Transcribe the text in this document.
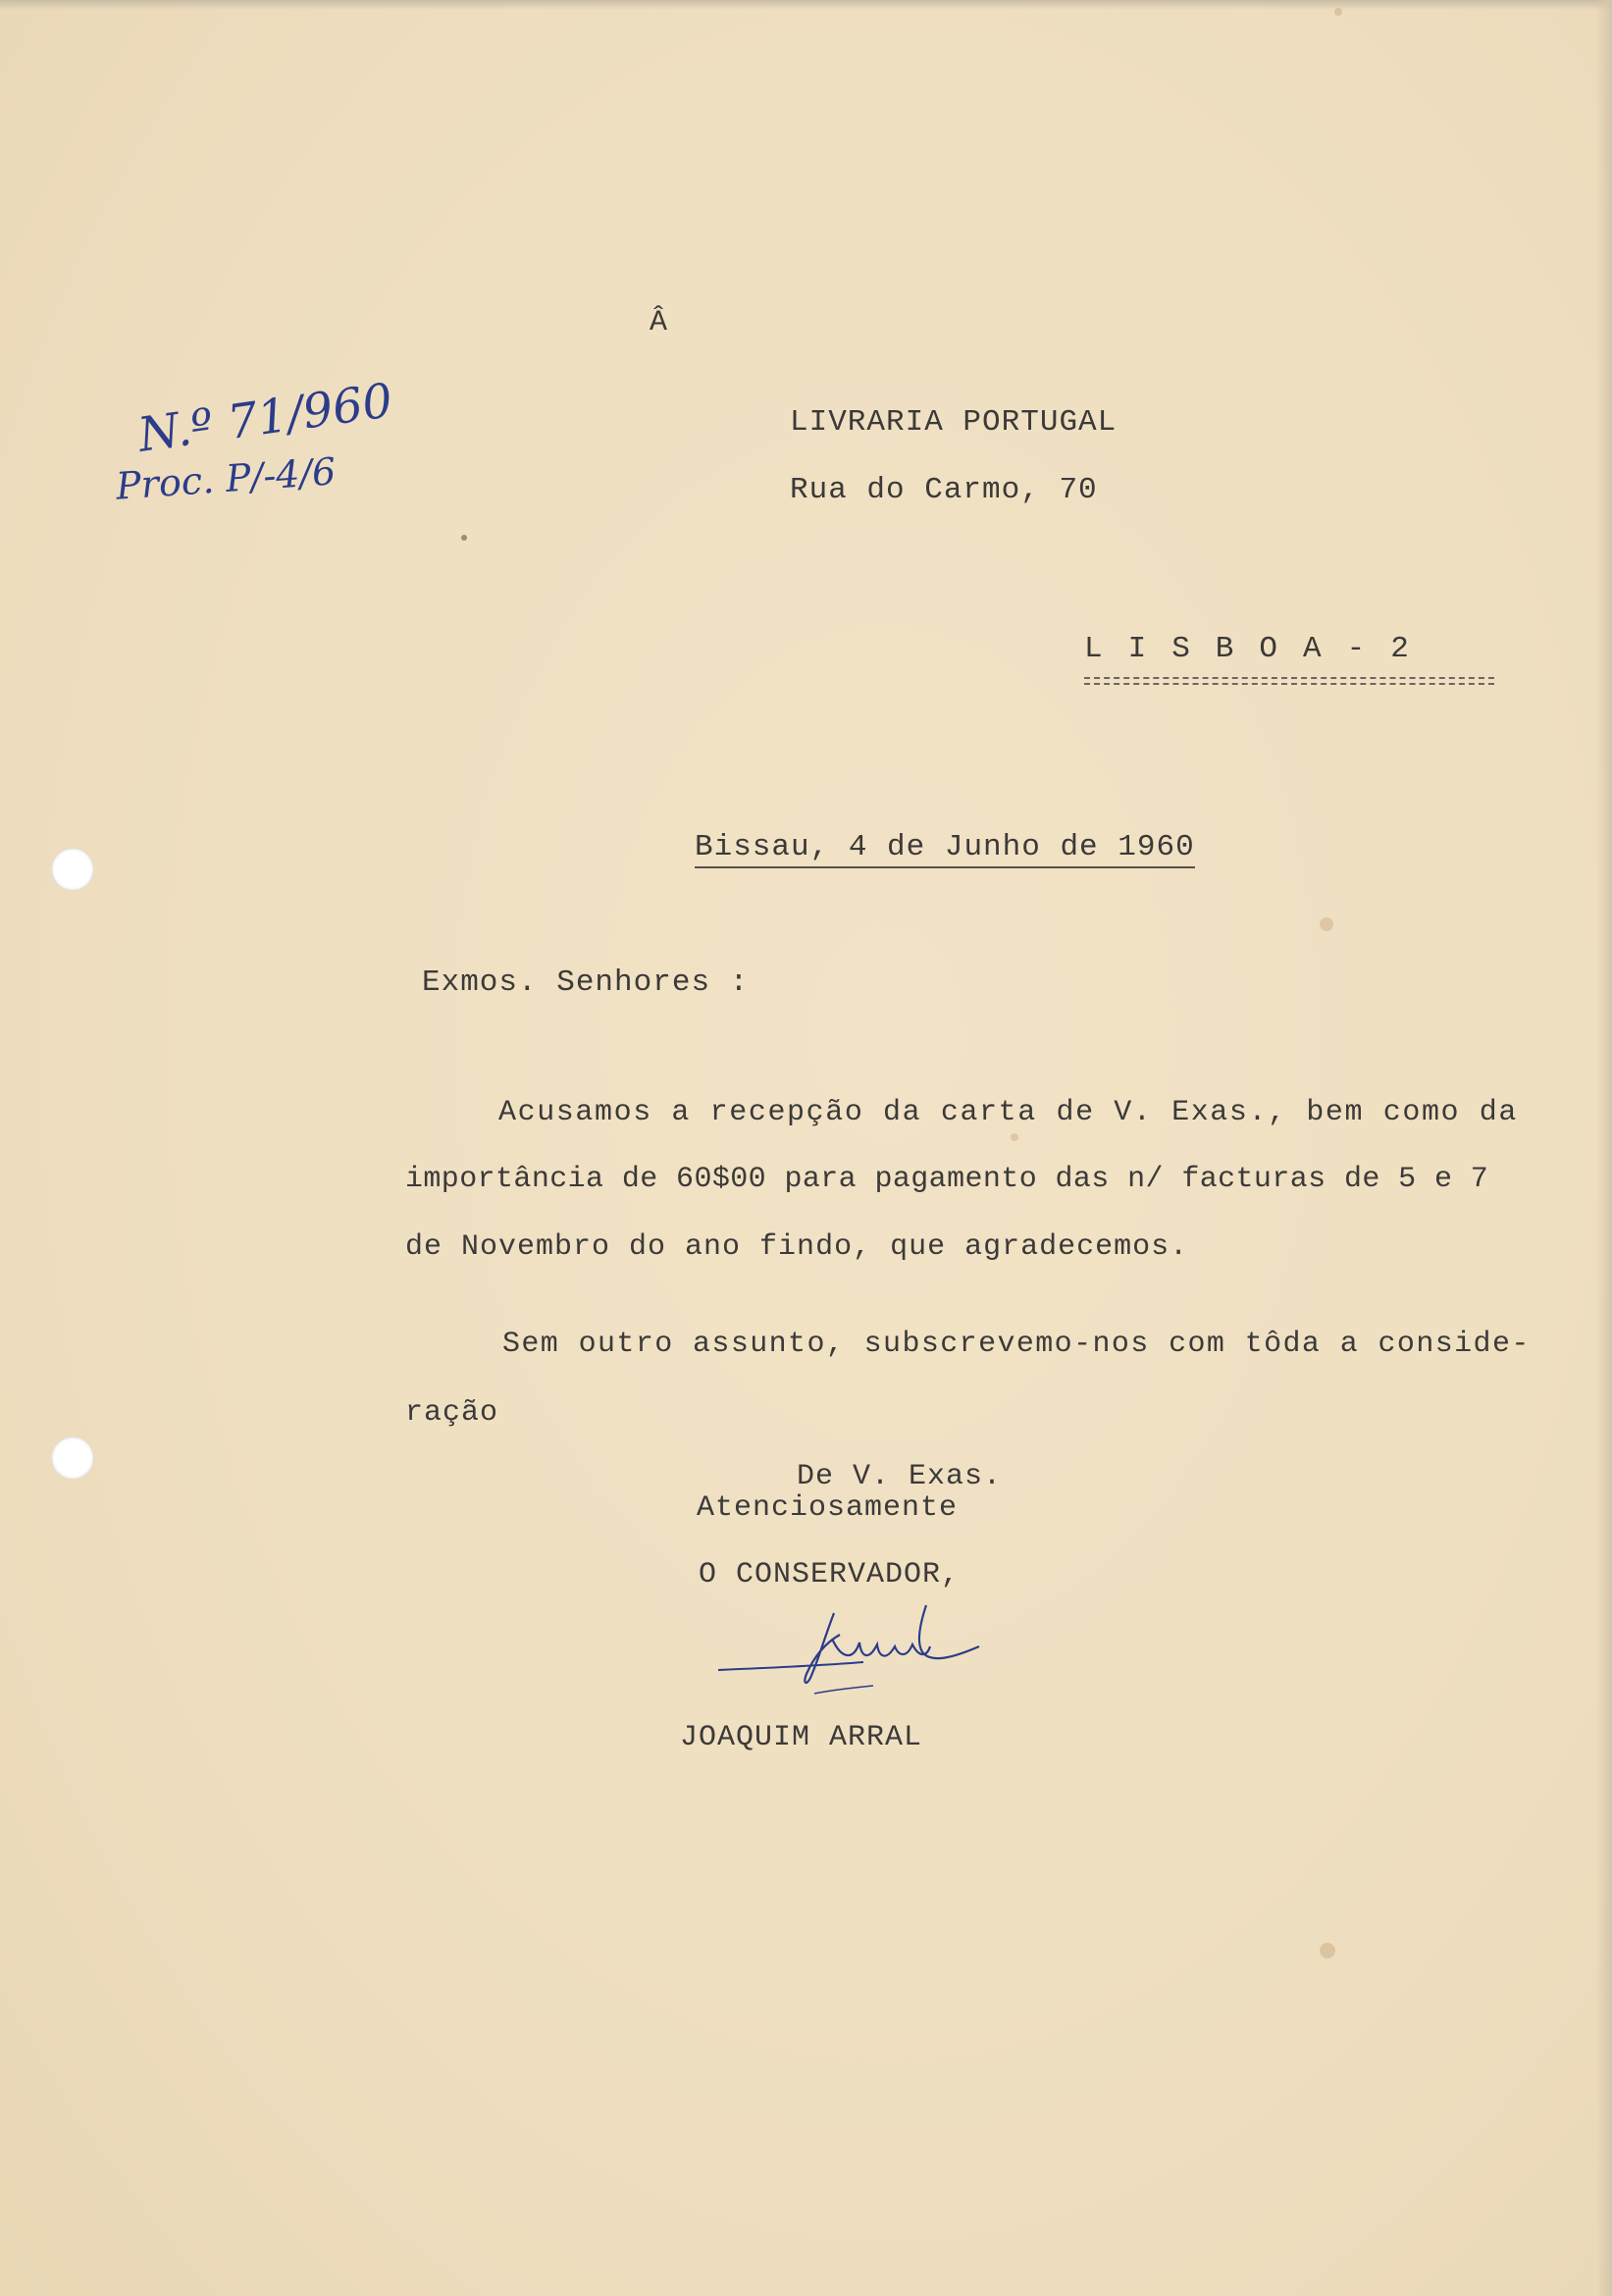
Â
N.º 71/960
Proc. P/-4/6
LIVRARIA PORTUGAL
Rua do Carmo, 70
LISBOA-2
Bissau, 4 de Junho de 1960
Exmos. Senhores :
Acusamos a recepção da carta de V. Exas., bem como da
importância de 60$00 para pagamento das n/ facturas de 5 e 7
de Novembro do ano findo, que agradecemos.
Sem outro assunto, subscrevemo-nos com tôda a conside-
ração
De V. Exas.
Atenciosamente
O CONSERVADOR,
JOAQUIM ARRAL
